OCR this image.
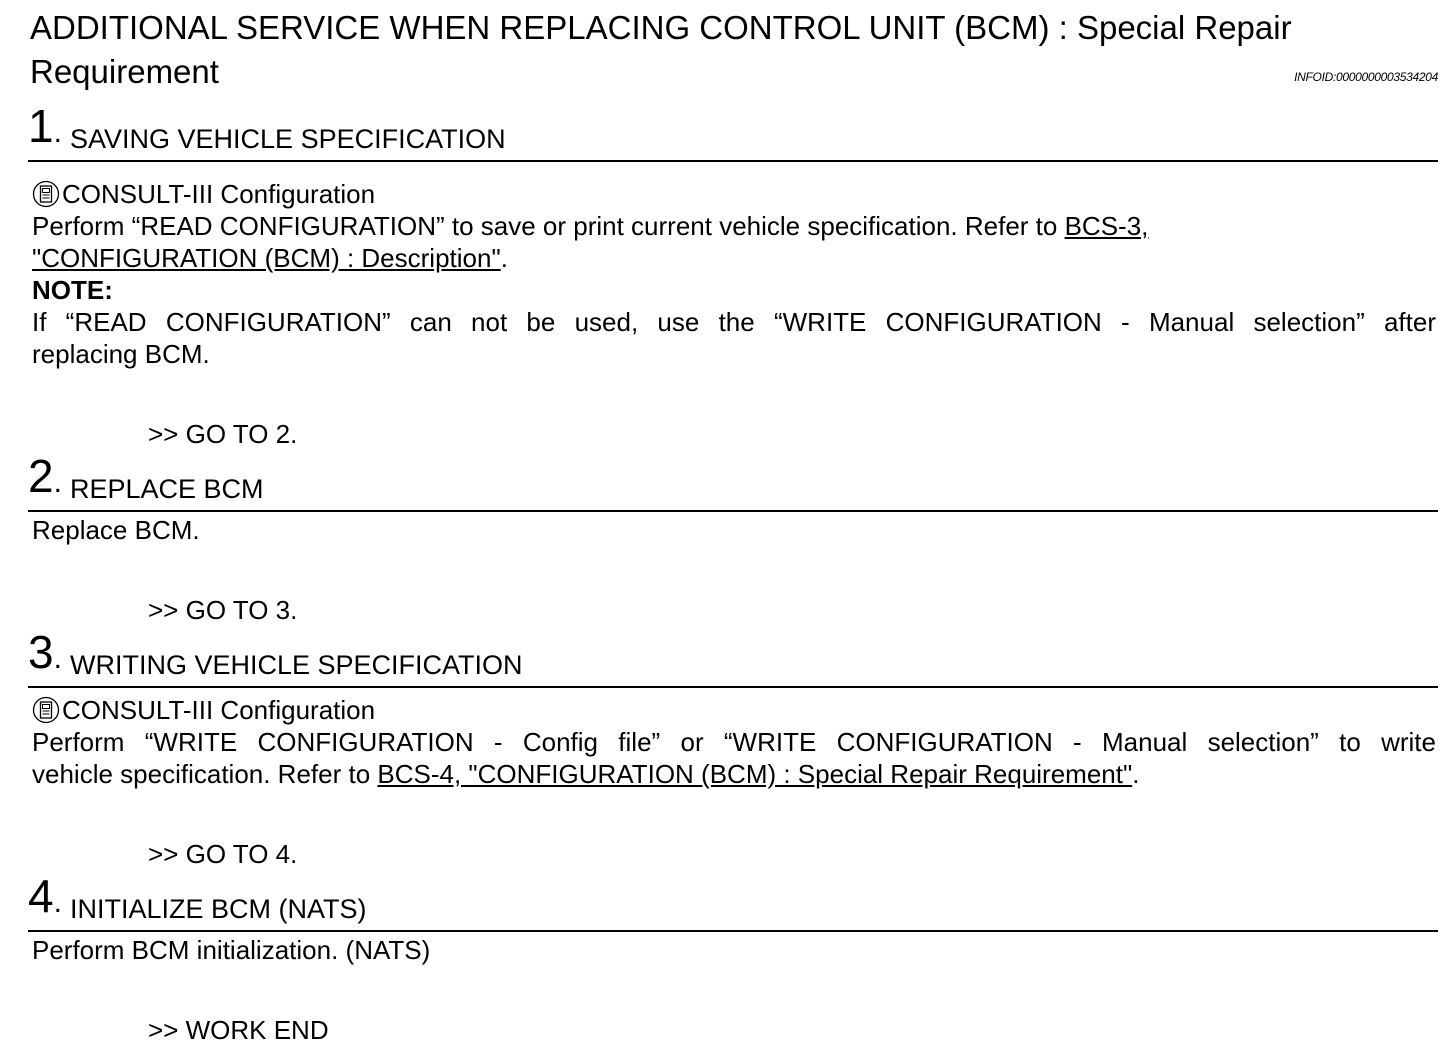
ADDITIONAL SERVICE WHEN REPLACING CONTROL UNIT (BCM) : Special Repair
Requirement	INFOID:0000000003534204
1. SAVING VEHICLE SPECIFICATION
CONSULT-III Configuration
Perform “READ CONFIGURATION” to save or print current vehicle specification. Refer to BCS-3,
"CONFIGURATION (BCM) : Description".
NOTE:
If “READ CONFIGURATION” can not be used, use the “WRITE CONFIGURATION - Manual selection” after
replacing BCM.
>> GO TO 2.
2. REPLACE BCM
Replace BCM.
>> GO TO 3.
3. WRITING VEHICLE SPECIFICATION
CONSULT-III Configuration
Perform “WRITE CONFIGURATION - Config file” or “WRITE CONFIGURATION - Manual selection” to write
vehicle specification. Refer to BCS-4, "CONFIGURATION (BCM) : Special Repair Requirement".
>> GO TO 4.
4. INITIALIZE BCM (NATS)
Perform BCM initialization. (NATS)
>> WORK END
